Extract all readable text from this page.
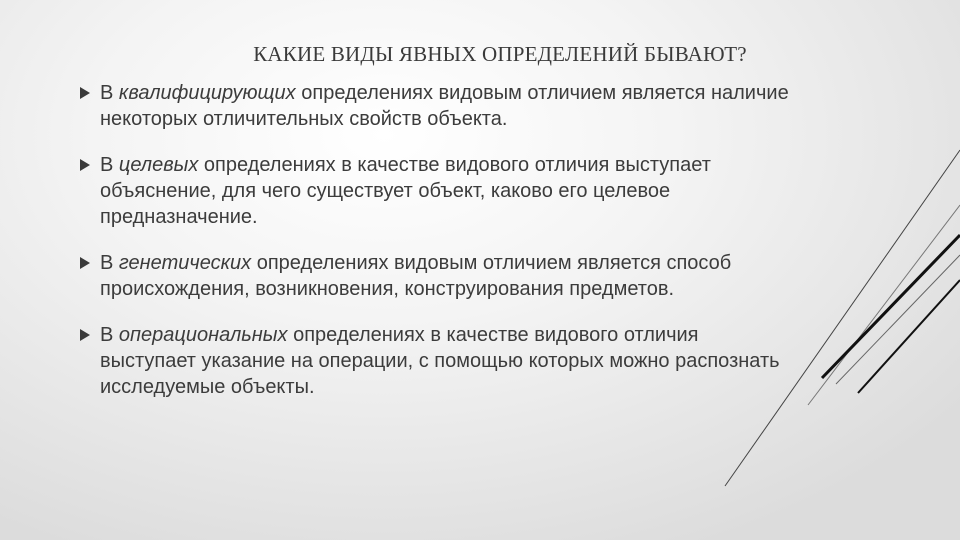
КАКИЕ ВИДЫ ЯВНЫХ ОПРЕДЕЛЕНИЙ БЫВАЮТ?
В квалифицирующих определениях видовым отличием является наличие некоторых отличительных свойств объекта.
В целевых определениях в качестве видового отличия выступает объяснение, для чего существует объект, каково его целевое предназначение.
В генетических определениях видовым отличием является способ происхождения, возникновения, конструирования предметов.
В операциональных определениях в качестве видового отличия выступает указание на операции, с помощью которых можно распознать исследуемые объекты.
